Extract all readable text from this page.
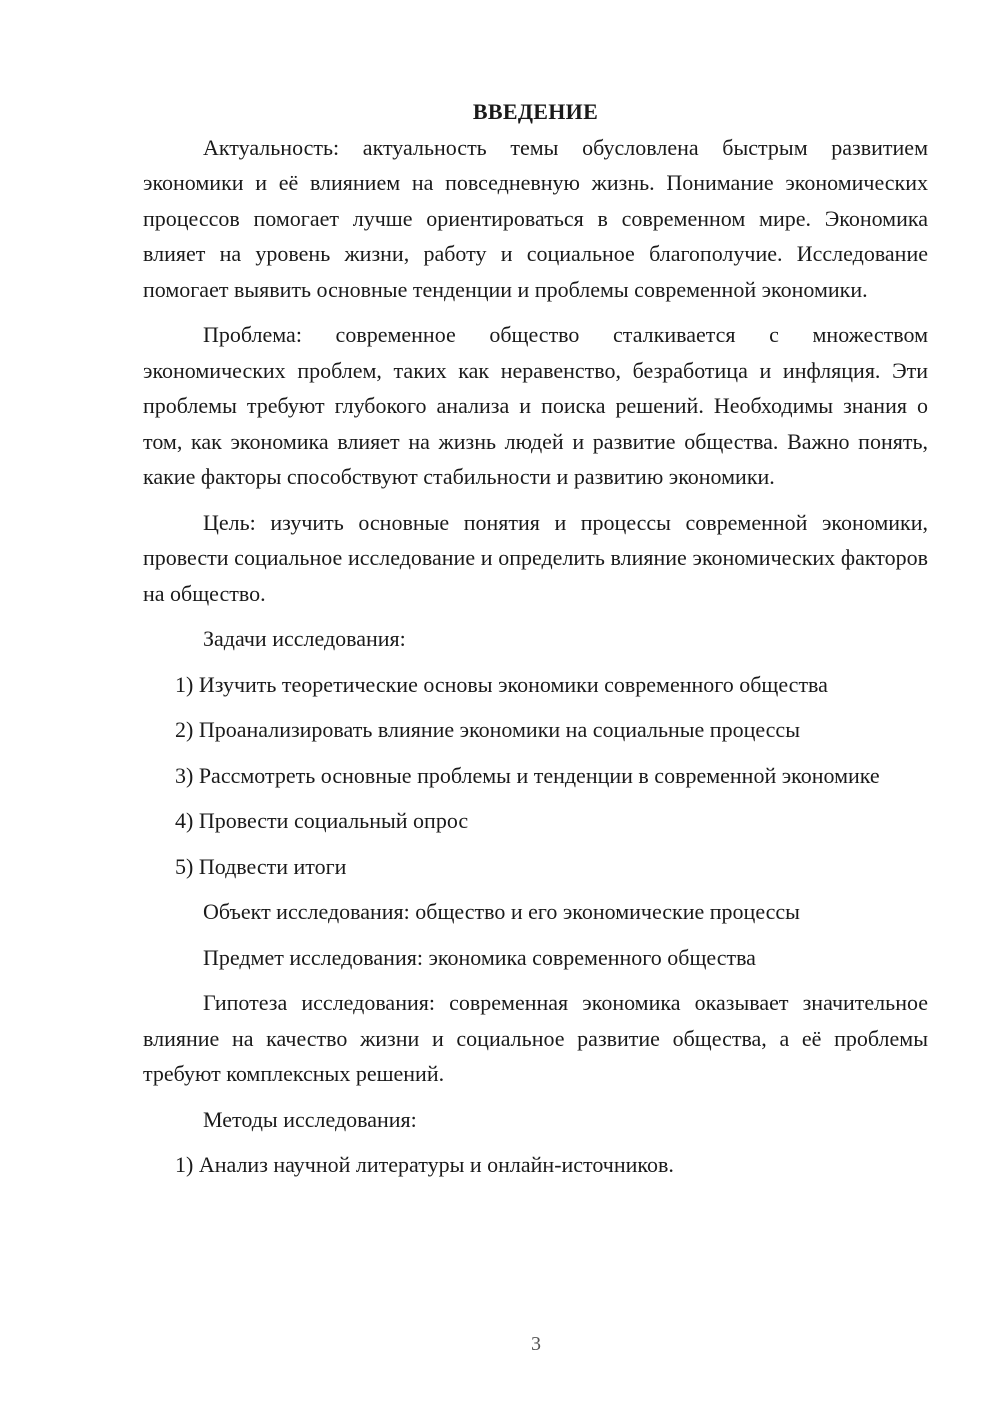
ВВЕДЕНИЕ

Актуальность: актуальность темы обусловлена быстрым развитием экономики и её влиянием на повседневную жизнь. Понимание экономических процессов помогает лучше ориентироваться в современном мире. Экономика влияет на уровень жизни, работу и социальное благополучие. Исследование помогает выявить основные тенденции и проблемы современной экономики.

Проблема: современное общество сталкивается с множеством экономических проблем, таких как неравенство, безработица и инфляция. Эти проблемы требуют глубокого анализа и поиска решений. Необходимы знания о том, как экономика влияет на жизнь людей и развитие общества. Важно понять, какие факторы способствуют стабильности и развитию экономики.

Цель: изучить основные понятия и процессы современной экономики, провести социальное исследование и определить влияние экономических факторов на общество.

Задачи исследования:

1) Изучить теоретические основы экономики современного общества

2) Проанализировать влияние экономики на социальные процессы

3) Рассмотреть основные проблемы и тенденции в современной экономике

4) Провести социальный опрос

5) Подвести итоги

Объект исследования: общество и его экономические процессы

Предмет исследования: экономика современного общества

Гипотеза исследования: современная экономика оказывает значительное влияние на качество жизни и социальное развитие общества, а её проблемы требуют комплексных решений.

Методы исследования:

1) Анализ научной литературы и онлайн-источников.

3
